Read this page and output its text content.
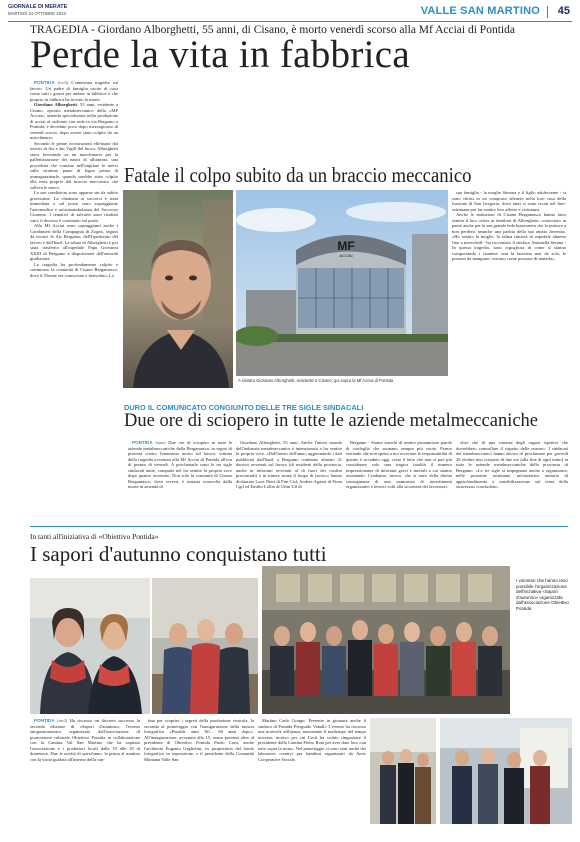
GIORNALE DI MERATE
MARTEDÌ 24 OTTOBRE 2023	VALLE SAN MARTINO 45
TRAGEDIA - Giordano Alborghetti, 55 anni, di Cisano, è morto venerdì scorso alla Mf Acciai di Pontida
Perde la vita in fabbrica

PONTIDA (tvo3) L'ennesima tragedia sul lavoro. Un padre di famiglia uscito di casa come tutti i giorni per andare in fabbrica e che proprio in fabbrica ha trovato la morte.

Giordano Alborghetti, 55 anni, residente a Cisano, operaio metalmeccanico della «MF Acciai», azienda specializzata nella produzione di acciai al carbonio con sede in via Bergamo a Pontida, è deceduto poco dopo mezzogiorno di venerdì scorso, dopo essere stato colpito da un macchinario.

Secondo le prime ricostruzioni effettuate dai tecnici di Ats e dai Vigili del fuoco, Alborghetti stava lavorando su un macchinario per la pallettizzazione dei nastri di alluminio, una procedura che consiste nell'impilare le merci sulle strutture piane di legno prima di immagazzinarle, quando sarebbe stato colpito alla testa proprio dal braccio meccanico che solleva le merci.

Le sue condizioni sono apparse sin da subito gravissime. La chiamata ai soccorsi è stata immediata e sul posto sono sopraggiunte l'automedica e un'autoambulanza del Soccorso Cisanese. I tentativi di salvarlo sono risultati vani, il decesso è constatato sul posto.

Alla Mf Acciai sono sopraggiunti anche i Carabinieri della Compagnia di Zogno, seguiti da tecnici di Ats Bergamo, dell'Ispettorato del lavoro e dell'Inail. La salma di Alborghetti è poi stata trasferita all'ospedale Papa Giovanni XXIII di Bergamo a disposizione dell'autorità giudiziaria.

La tragedia ha profondamente colpito e commosso la comunità di Cisano Bergamasco, dove il 55enne era conosciuto e benvoluto. La

Fatale il colpo subito da un braccio meccanico
MF
ACCIAI
A sinistra Giordano Alborghetti, residente a Cisano; qui sopra la Mf Acciai di Pontida

sua famiglia - la moglie Simona e il figlio adolescente - si sono chiusi in un composto silenzio nella loro casa della frazione di San Gregorio, dove tanti si sono recati nel fine-settimana per far sentire loro affetto e vicinanza.

Anche le istituzioni di Cisano Bergamasco hanno fatto sentire il loro calore ai familiari di Alborghetti, conosciuto in paese anche per la sua grande fede bianconera che lo portava a non perdersi neanche una partita della sua amata Juventus. «Ho sentito la moglie, la salma rimarrà in ospedale almeno fino a mercoledì - ha raccontato il sindaco Antonella Sesana - In questa tragedia, sono orgogliosa di come si stanno comportando i cisanesi: non la lasciano mai da sola, le portano da mangiare, cercano come possono di aiutarla».

DURO IL COMUNICATO CONGIUNTO DELLE TRE SIGLE SINDACALI
Due ore di sciopero in tutte le aziende metalmeccaniche

PONTIDA (ame) Due ore di sciopero in tutte le aziende metalmeccaniche della Bergamasca, in segno di protesta contro l'ennesimo morto sul lavoro, vittima della tragedia avvenuta alla Mf Acciai di Pontida all'ora di pranzo di venerdì. A proclamarle sono le tre sigle sindacali unite, compatte nel far sentire la propria voce dopo quanto avvenuto. Non solo la comunità di Cisano Bergamasco, dove viveva, è rimasta sconvolta dalla morte in azienda di

Giordano Alborghetti, 55 anni. Anche l'intero mondo dell'industria metalmeccanica è intenzionato a far sentire la propria voce. «Dall'inizio dell'anno, aggiornando i dati pubblicati dall'Inail, a Bergamo contiamo almeno 21 decessi avvenuti sul lavoro (di residenti della provincia, anche in infortuni avvenuti al di fuori dei confini provinciali) e in itinere senza il luogo di lavoro» hanno dichiarato Luca Nieri di Fim Cisl, Andrea Agazzi di Fiom Cgil ed Emilio Lollio di Uilm Uil di

Bergamo - Siamo stanchi di sentire pronunciare parole di cordoglio che suonano sempre più vuote. Fermo restando che non spetta a noi accertare le responsabilità di quanto è accaduto oggi, resta il fatto che non si può più considerare solo una tragica fatalità il numero impressionante di infortuni gravi e mortali a cui stiamo assistendo. Crediamo, invece, che si tratti della diretta conseguenza di una mancanza di investimenti organizzativi e tecnici volti alla sicurezza dei lavoratori,

oltre che di una carenza degli organi ispettivi che dovrebbero controllare il rispetto delle norme». I sindacati dei metalmeccanici hanno deciso di proclamare per giovedì 26 ottobre uno sciopero di due ore (alla fine di ogni turno) in tutte le aziende metalmeccaniche della provincia di Bergamo. «Le tre sigle si impegnano anche a organizzare, nelle prossime settimane, un'iniziativa unitaria di approfondimento e sensibilizzazione sul tema della sicurezza» concludono.

In tanti all'iniziativa di «Obiettivo Pontida»
I sapori d'autunno conquistano tutti
I volontari che hanno reso possibile l'organizzazione dell'iniziativa «Sapori d'autunno» organizzata dall'associazione Obiettivo Pontida

PONTIDA (rrn3) Ha riscosso un discreto successo la seconda edizione di «Sapori d'autunno», l'evento enogastronomico organizzato dall'associazione di promozione culturale Obiettivo Pontida in collaborazione con la Cantina Val San Martino che ha ospitato l'associazione e i produttori locali dalle 10 alle 18 di domenica. Due le novità di quest'anno: la prima al mattino con la visita guidata all'interno della can-

tina per scoprire i segreti della produzione vinicola, la seconda al pomeriggio con l'inaugurazione della mostra fotografica «Pontida anni '60... 60 anni dopo». All'inaugurazione, avvenuta alle 15, erano presenti oltre al presidente di Obiettivo Pontida Paolo Corti, anche l'architetto Eugenio Gaglielmi, ex proprietario del fondo fotografico in esposizione, e il presidente della Comunità Montana Valle San

Martino Carlo Greppi. Presente in giornata anche il sindaco di Pontida Pierguido Vanalli. L'evento ha riscosso una notevole affluenza, nonostante il maltempo del tempo avverso, motivo per cui Corti ha voluto ringraziare il presidente della Cantina Pietro Rota per aver dato loro «un tetto sopra la testa». Nel pomeriggio ci sono stati anche dei laboratori creativi per bambini organizzati da Aeris Cooperative Sociale.
